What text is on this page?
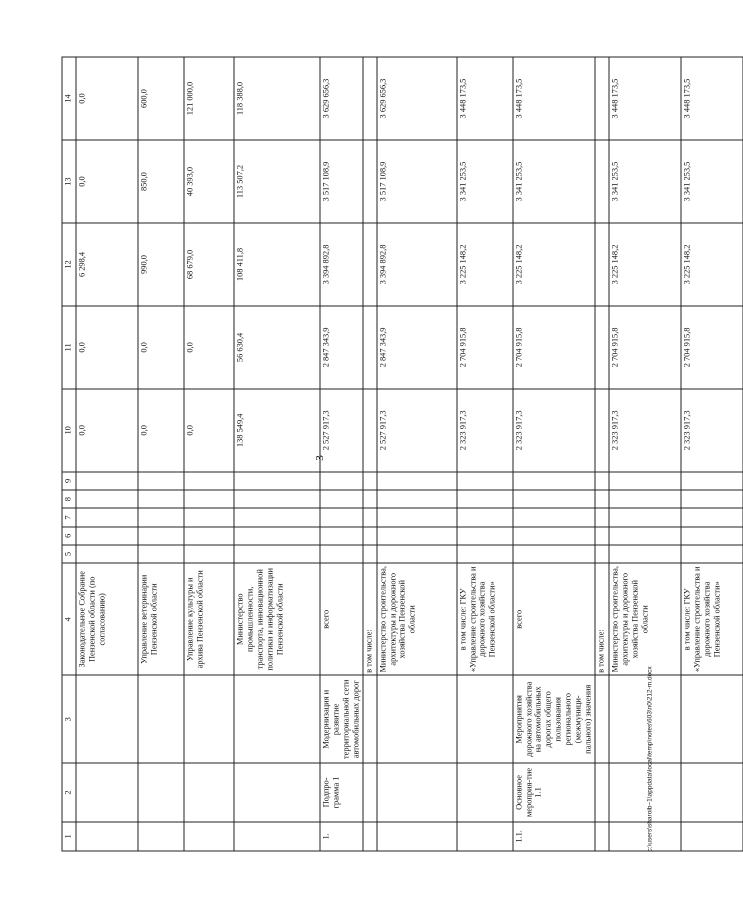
3
1	2	3	4	5	6	7	8	9	10	11	12	13	14
			Законодательное Собрание Пензенской области (по согласованию)						0,0	0,0	6 298,4	0,0	0,0
			Управление ветеринарии Пензенской области						0,0	0,0	990,0	850,0	600,0
			Управление культуры и архива Пензенской области						0,0	0,0	68 679,0	40 393,0	121 000,0
			Министерство промышленности, транспорта, инновационной политики и информатизации Пензенской области						138 549,4	56 630,4	108 411,8	113 507,2	118 388,0
1.	Подпро-грамма 1	Модернизация и развитие территориальной сети автомобильных дорог	всего						2 527 917,3	2 847 343,9	3 394 892,8	3 517 108,9	3 629 656,3
			в том числе:										
			Министерство строительства, архитектуры и дорожного хозяйства Пензенской области						2 527 917,3	2 847 343,9	3 394 892,8	3 517 108,9	3 629 656,3
			в том числе: ГКУ «Управление строительства и дорожного хозяйства Пензенской области»						2 323 917,3	2 704 915,8	3 225 148,2	3 341 253,5	3 448 173,5
1.1.	Основное мероприя-тие 1.1	Мероприятия дорожного хозяйства на автомобильных дорогах общего пользования регионального (межмуници-пального) значения	всего						2 323 917,3	2 704 915,8	3 225 148,2	3 341 253,5	3 448 173,5
			в том числе:										
			Министерство строительства, архитектуры и дорожного хозяйства Пензенской области						2 323 917,3	2 704 915,8	3 225 148,2	3 341 253,5	3 448 173,5
			в том числе: ГКУ «Управление строительства и дорожного хозяйства Пензенской области»						2 323 917,3	2 704 915,8	3 225 148,2	3 341 253,5	3 448 173,5
c:\users\sharoib~1\appdata\local\temp\notes\603\n0\212-m.docx
